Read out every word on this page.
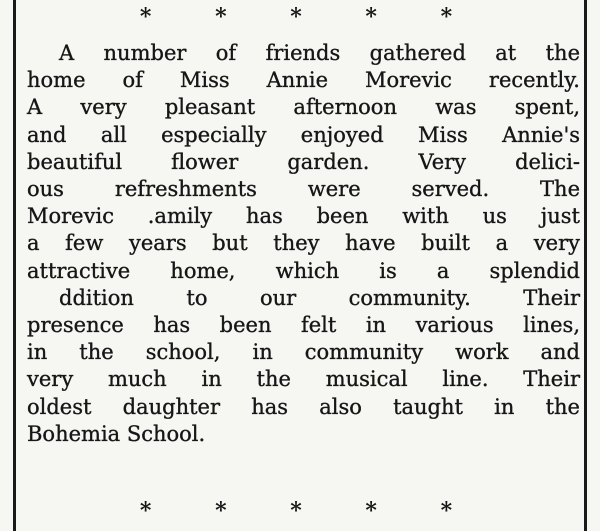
* * * * *
A number of friends gathered at the
home of Miss Annie Morevic recently.
A very pleasant afternoon was spent,
and all especially enjoyed Miss Annie's
beautiful flower garden. Very delici-
ous refreshments were served. The
Morevic .amily has been with us just
a few years but they have built a very
attractive home, which is a splendid
ddition to our community. Their
presence has been felt in various lines,
in the school, in community work and
very much in the musical line. Their
oldest daughter has also taught in the
Bohemia School.
* * * * *
